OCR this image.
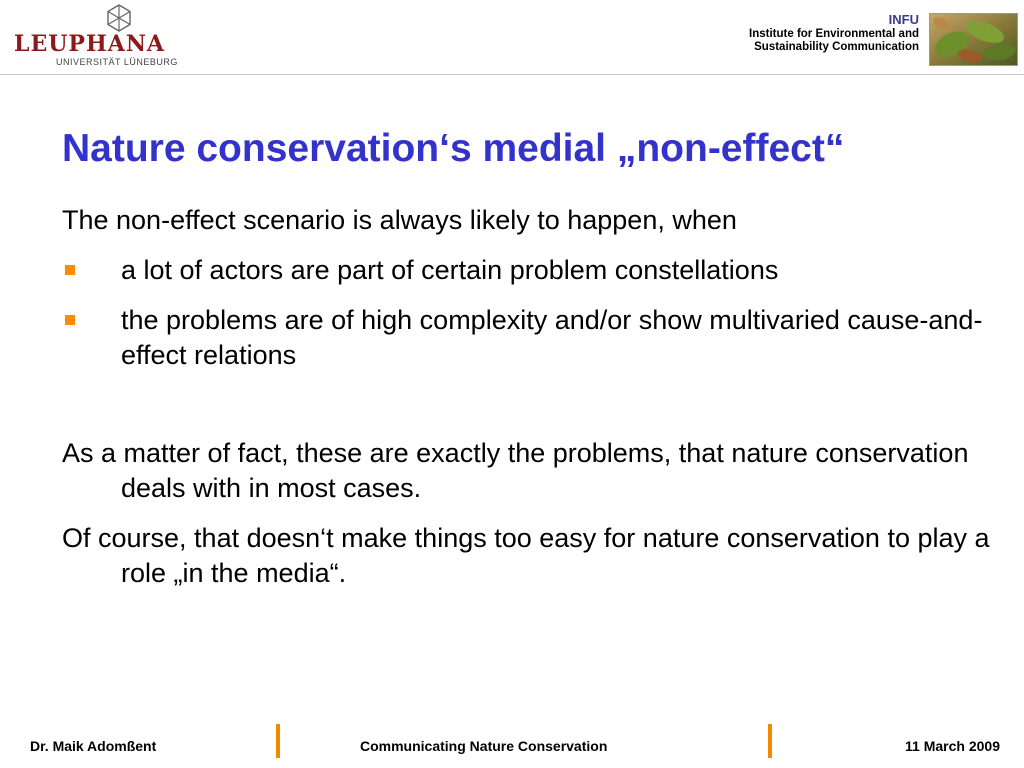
LEUPHANA
UNIVERSITÄT LÜNEBURG
INFU
Institute for Environmental and
Sustainability Communication
Nature conservation‘s medial „non-effect“

The non-effect scenario is always likely to happen, when

a lot of actors are part of certain problem constellations
the problems are of high complexity and/or show multivaried cause-and-effect relations

As a matter of fact, these are exactly the problems, that nature conservation deals with in most cases.

Of course, that doesn‘t make things too easy for nature conservation to play a role „in the media“.

Dr. Maik Adomßent	Communicating Nature Conservation	11 March 2009
